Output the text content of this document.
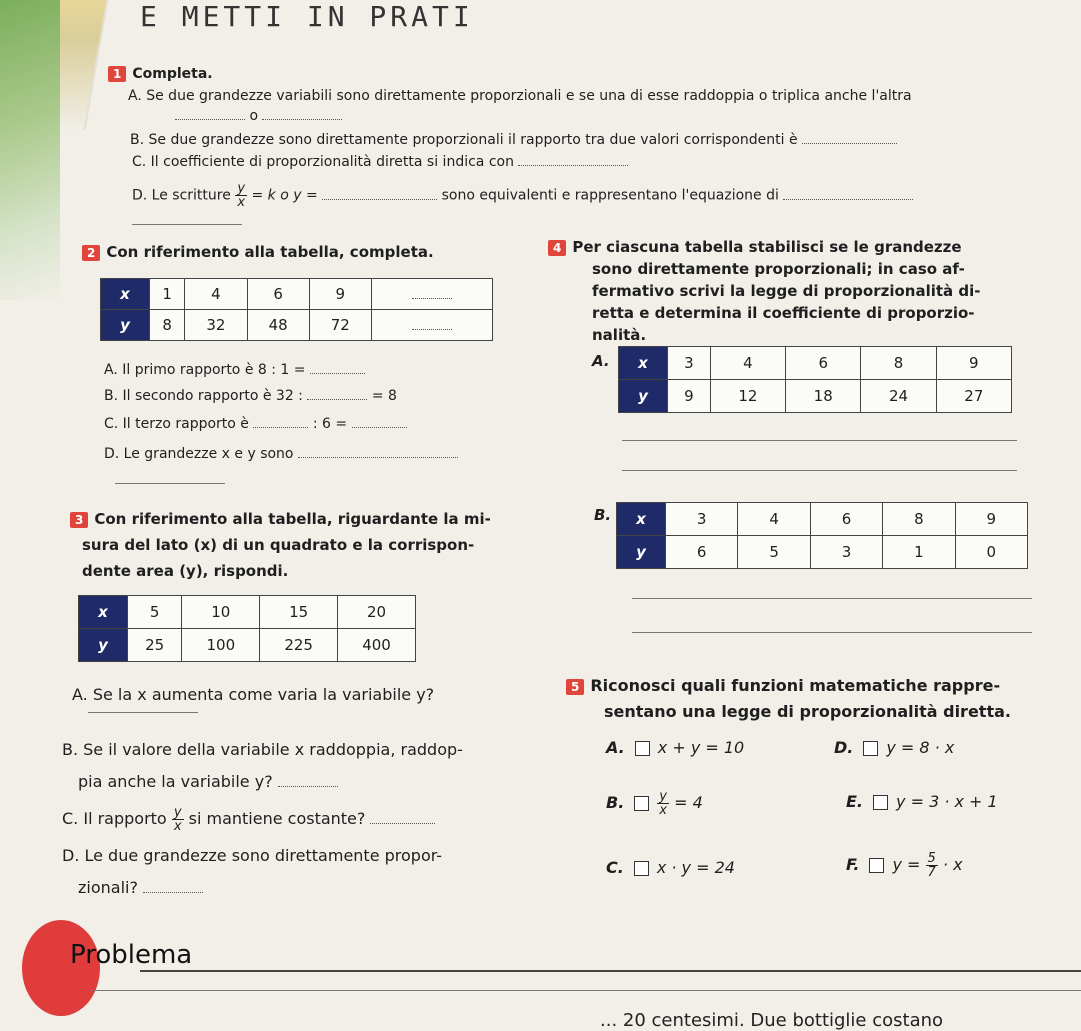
E METTI IN PRATI
1 Completa.
A. Se due grandezze variabili sono direttamente proporzionali e se una di esse raddoppia o triplica anche l'altra
o
B. Se due grandezze sono direttamente proporzionali il rapporto tra due valori corrispondenti è
C. Il coefficiente di proporzionalità diretta si indica con
D. Le scritture $\frac{y}{x} = k$ o y =	sono equivalenti e rappresentano l'equazione di
2 Con riferimento alla tabella, completa.
x	1	4	6	9	
y	8	32	48	72	
A. Il primo rapporto è 8 : 1 =
B. Il secondo rapporto è 32 :	= 8
C. Il terzo rapporto è	: 6 =
D. Le grandezze x e y sono
3 Con riferimento alla tabella, riguardante la mi-
sura del lato (x) di un quadrato e la corrispon-
dente area (y), rispondi.
x	5	10	15	20
y	25	100	225	400
A. Se la x aumenta come varia la variabile y?
B. Se il valore della variabile x raddoppia, raddop-
pia anche la variabile y?
C. Il rapporto $\frac{y}{x}$ si mantiene costante?
D. Le due grandezze sono direttamente propor-
zionali?
4 Per ciascuna tabella stabilisci se le grandezze
sono direttamente proporzionali; in caso af-
fermativo scrivi la legge di proporzionalità di-
retta e determina il coefficiente di proporzio-
nalità.
A. x	3	4	6	8	9
y	9	12	18	24	27
B. x	3	4	6	8	9
y	6	5	3	1	0
5 Riconosci quali funzioni matematiche rappre-
sentano una legge di proporzionalità diretta.
A. x + y = 10
B.	$\frac{y}{x} = 4$
C. x · y = 24
D. y = 8 · x
E. y = 3 · x + 1
F. $y = \frac{5}{7} \cdot x$
Problema
... 20 centesimi. Due bottiglie costano
